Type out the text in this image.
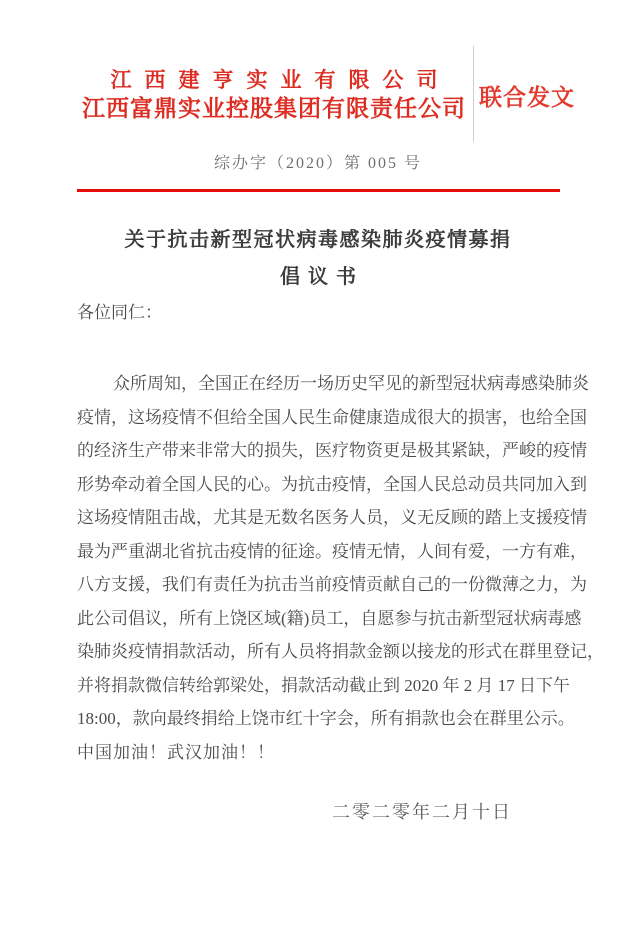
江西建亨实业有限公司
江西富鼎实业控股集团有限责任公司 联合发文
综办字（2020）第 005 号
关于抗击新型冠状病毒感染肺炎疫情募捐
倡议书
各位同仁：
众所周知，全国正在经历一场历史罕见的新型冠状病毒感染肺炎
疫情，这场疫情不但给全国人民生命健康造成很大的损害，也给全国
的经济生产带来非常大的损失，医疗物资更是极其紧缺，严峻的疫情
形势牵动着全国人民的心。为抗击疫情，全国人民总动员共同加入到
这场疫情阻击战，尤其是无数名医务人员，义无反顾的踏上支援疫情
最为严重湖北省抗击疫情的征途。疫情无情，人间有爱，一方有难，
八方支援，我们有责任为抗击当前疫情贡献自己的一份微薄之力，为
此公司倡议，所有上饶区域(籍)员工，自愿参与抗击新型冠状病毒感
染肺炎疫情捐款活动，所有人员将捐款金额以接龙的形式在群里登记，
并将捐款微信转给郭梁处，捐款活动截止到 2020 年 2 月 17 日下午
18:00，款向最终捐给上饶市红十字会，所有捐款也会在群里公示。
中国加油！武汉加油！！
二零二零年二月十日
